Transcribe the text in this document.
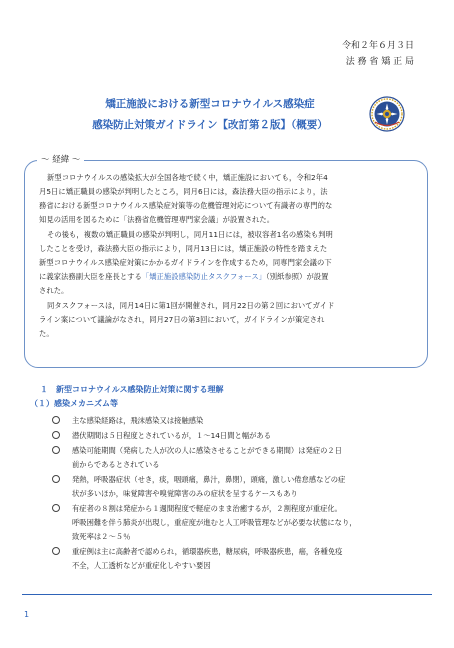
令和２年６月３日
法 務 省 矯 正 局
矯正施設における新型コロナウイルス感染症
感染防止対策ガイドライン【改訂第２版】（概要）
～ 経緯 ～

新型コロナウイルスの感染拡大が全国各地で続く中，矯正施設においても，令和2年4
月5日に矯正職員の感染が判明したところ，同月6日には，森法務大臣の指示により，法
務省における新型コロナウイルス感染症対策等の危機管理対応について有識者の専門的な
知見の活用を図るために「法務省危機管理専門家会議」が設置された。

その後も，複数の矯正職員の感染が判明し，同月11日には，被収容者1名の感染も判明
したことを受け，森法務大臣の指示により，同月13日には，矯正施設の特性を踏まえた
新型コロナウイルス感染症対策にかかるガイドラインを作成するため，同専門家会議の下
に義家法務副大臣を座長とする「矯正施設感染防止タスクフォース」（別紙参照）が設置
された。

同タスクフォースは，同月14日に第1回が開催され，同月22日の第２回においてガイド
ライン案について議論がなされ，同月27日の第3回において，ガイドラインが策定され
た。

１　新型コロナウイルス感染防止対策に関する理解
（１）感染メカニズム等
主な感染経路は，飛沫感染又は接触感染
潜伏期間は５日程度とされているが，１～14日間と幅がある
感染可能期間（発病した人が次の人に感染させることができる期間）は発症の２日
前からであるとされている
発熱，呼吸器症状（せき，痰，咽頭痛，鼻汁，鼻閉），頭痛，激しい倦怠感などの症
状が多いほか，味覚障害や嗅覚障害のみの症状を呈するケースもあり
有症者の８割は発症から１週間程度で軽症のまま治癒するが，２割程度が重症化。
呼吸困難を伴う肺炎が出現し，重症度が進むと人工呼吸管理などが必要な状態になり，
致死率は２～５％
重症例は主に高齢者で認められ，循環器疾患，糖尿病，呼吸器疾患，癌，各種免疫
不全，人工透析などが重症化しやすい要因
1
